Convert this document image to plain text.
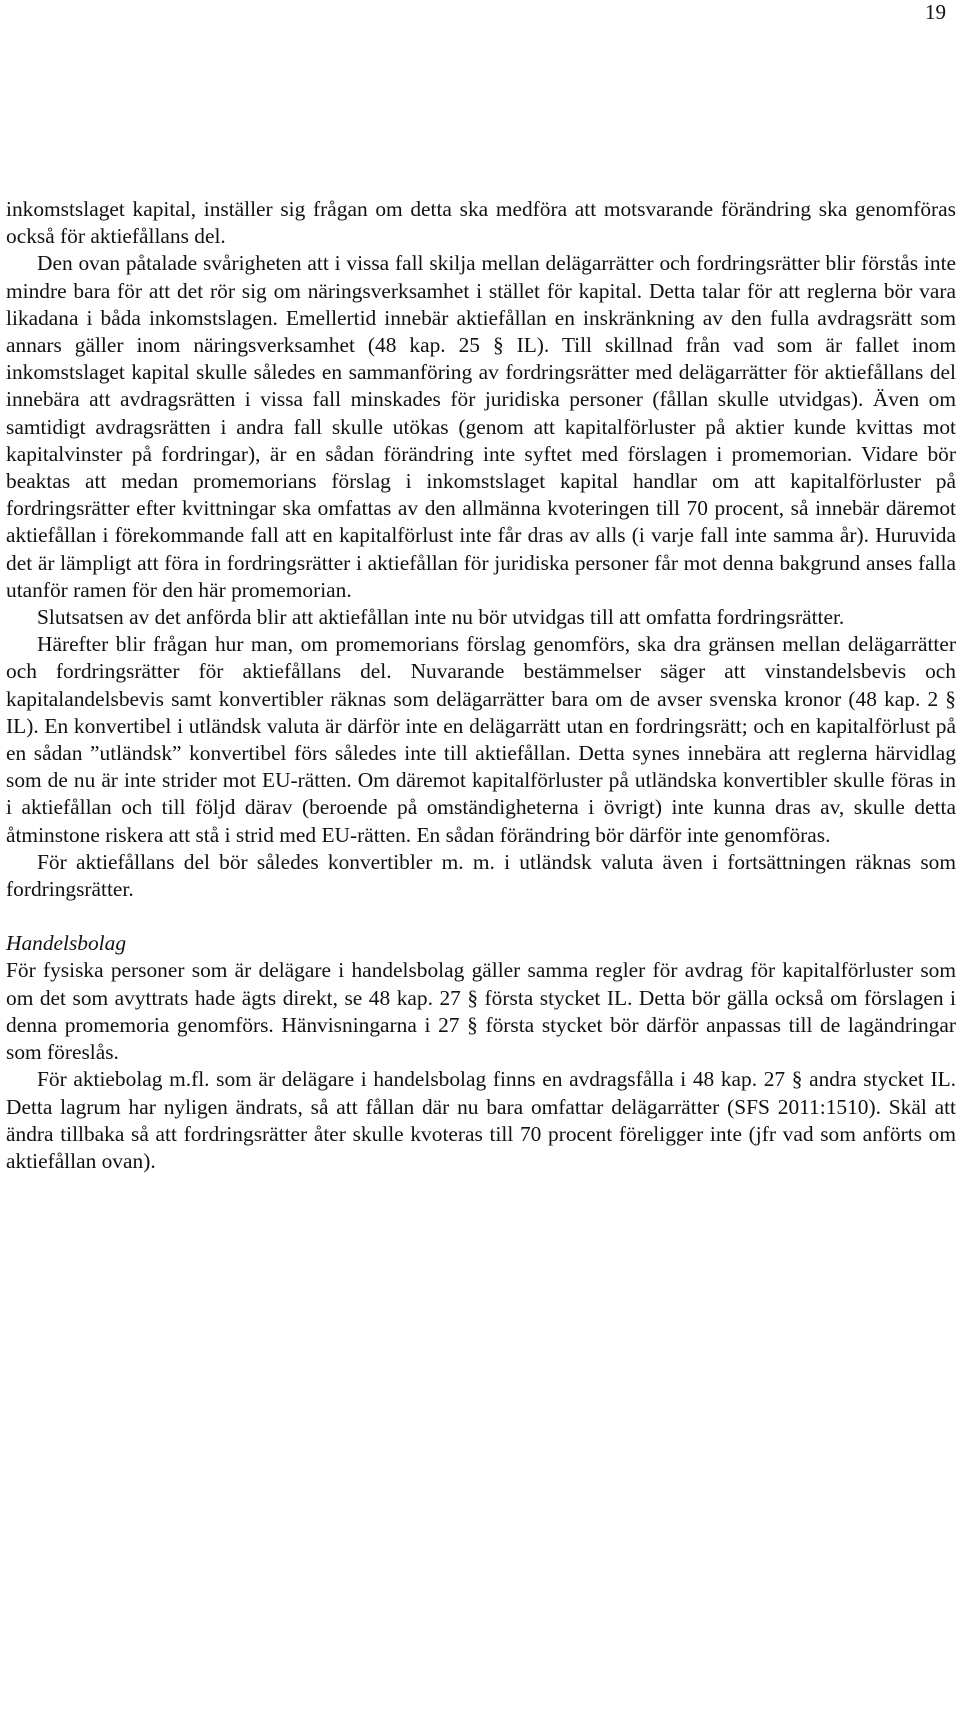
19

inkomstslaget kapital, inställer sig frågan om detta ska medföra att motsvarande förändring ska genomföras också för aktiefållans del.

Den ovan påtalade svårigheten att i vissa fall skilja mellan delägarrätter och fordringsrätter blir förstås inte mindre bara för att det rör sig om näringsverksamhet i stället för kapital. Detta talar för att reglerna bör vara likadana i båda inkomstslagen. Emellertid innebär aktiefållan en inskränkning av den fulla avdragsrätt som annars gäller inom näringsverksamhet (48 kap. 25 § IL). Till skillnad från vad som är fallet inom inkomstslaget kapital skulle således en sammanföring av fordringsrätter med delägarrätter för aktiefållans del innebära att avdragsrätten i vissa fall minskades för juridiska personer (fållan skulle utvidgas). Även om samtidigt avdragsrätten i andra fall skulle utökas (genom att kapitalförluster på aktier kunde kvittas mot kapitalvinster på fordringar), är en sådan förändring inte syftet med förslagen i promemorian. Vidare bör beaktas att medan promemorians förslag i inkomstslaget kapital handlar om att kapitalförluster på fordringsrätter efter kvittningar ska omfattas av den allmänna kvoteringen till 70 procent, så innebär däremot aktiefållan i förekommande fall att en kapitalförlust inte får dras av alls (i varje fall inte samma år). Huruvida det är lämpligt att föra in fordringsrätter i aktiefållan för juridiska personer får mot denna bakgrund anses falla utanför ramen för den här promemorian.

Slutsatsen av det anförda blir att aktiefållan inte nu bör utvidgas till att omfatta fordringsrätter.

Härefter blir frågan hur man, om promemorians förslag genomförs, ska dra gränsen mellan delägarrätter och fordringsrätter för aktiefållans del. Nuvarande bestämmelser säger att vinstandelsbevis och kapitalandelsbevis samt konvertibler räknas som delägarrätter bara om de avser svenska kronor (48 kap. 2 § IL). En konvertibel i utländsk valuta är därför inte en delägarrätt utan en fordringsrätt; och en kapitalförlust på en sådan ”utländsk” konvertibel förs således inte till aktiefållan. Detta synes innebära att reglerna härvidlag som de nu är inte strider mot EU-rätten. Om däremot kapitalförluster på utländska konvertibler skulle föras in i aktiefållan och till följd därav (beroende på omständigheterna i övrigt) inte kunna dras av, skulle detta åtminstone riskera att stå i strid med EU-rätten. En sådan förändring bör därför inte genomföras.

För aktiefållans del bör således konvertibler m. m. i utländsk valuta även i fortsättningen räknas som fordringsrätter.

Handelsbolag

För fysiska personer som är delägare i handelsbolag gäller samma regler för avdrag för kapitalförluster som om det som avyttrats hade ägts direkt, se 48 kap. 27 § första stycket IL. Detta bör gälla också om förslagen i denna promemoria genomförs. Hänvisningarna i 27 § första stycket bör därför anpassas till de lagändringar som föreslås.

För aktiebolag m.fl. som är delägare i handelsbolag finns en avdragsfålla i 48 kap. 27 § andra stycket IL. Detta lagrum har nyligen ändrats, så att fållan där nu bara omfattar delägarrätter (SFS 2011:1510). Skäl att ändra tillbaka så att fordringsrätter åter skulle kvoteras till 70 procent föreligger inte (jfr vad som anförts om aktiefållan ovan).
